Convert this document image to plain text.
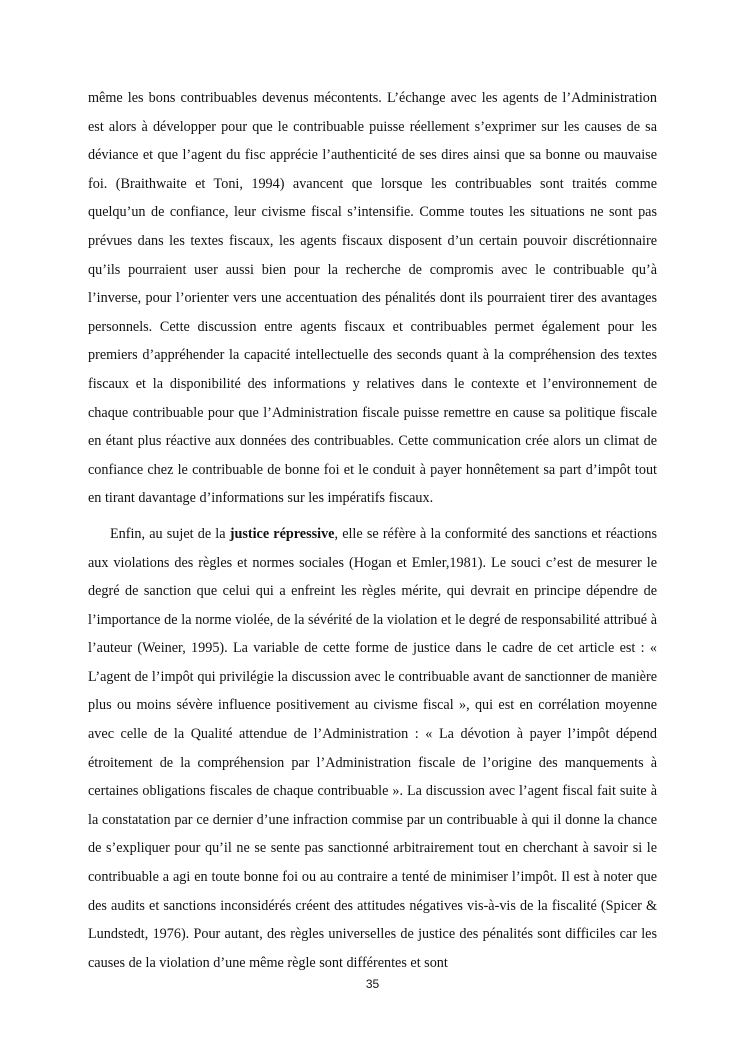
même les bons contribuables devenus mécontents. L’échange avec les agents de l’Administration est alors à développer pour que le contribuable puisse réellement s’exprimer sur les causes de sa déviance et que l’agent du fisc apprécie l’authenticité de ses dires ainsi que sa bonne ou mauvaise foi. (Braithwaite et Toni, 1994) avancent que lorsque les contribuables sont traités comme quelqu’un de confiance, leur civisme fiscal s’intensifie. Comme toutes les situations ne sont pas prévues dans les textes fiscaux, les agents fiscaux disposent d’un certain pouvoir discrétionnaire qu’ils pourraient user aussi bien pour la recherche de compromis avec le contribuable qu’à l’inverse, pour l’orienter vers une accentuation des pénalités dont ils pourraient tirer des avantages personnels. Cette discussion entre agents fiscaux et contribuables permet également pour les premiers d’appréhender la capacité intellectuelle des seconds quant à la compréhension des textes fiscaux et la disponibilité des informations y relatives dans le contexte et l’environnement de chaque contribuable pour que l’Administration fiscale puisse remettre en cause sa politique fiscale en étant plus réactive aux données des contribuables. Cette communication crée alors un climat de confiance chez le contribuable de bonne foi et le conduit à payer honnêtement sa part d’impôt tout en tirant davantage d’informations sur les impératifs fiscaux.

Enfin, au sujet de la justice répressive, elle se réfère à la conformité des sanctions et réactions aux violations des règles et normes sociales (Hogan et Emler,1981). Le souci c’est de mesurer le degré de sanction que celui qui a enfreint les règles mérite, qui devrait en principe dépendre de l’importance de la norme violée, de la sévérité de la violation et le degré de responsabilité attribué à l’auteur (Weiner, 1995). La variable de cette forme de justice dans le cadre de cet article est : « L’agent de l’impôt qui privilégie la discussion avec le contribuable avant de sanctionner de manière plus ou moins sévère influence positivement au civisme fiscal », qui est en corrélation moyenne avec celle de la Qualité attendue de l’Administration : « La dévotion à payer l’impôt dépend étroitement de la compréhension par l’Administration fiscale de l’origine des manquements à certaines obligations fiscales de chaque contribuable ». La discussion avec l’agent fiscal fait suite à la constatation par ce dernier d’une infraction commise par un contribuable à qui il donne la chance de s’expliquer pour qu’il ne se sente pas sanctionné arbitrairement tout en cherchant à savoir si le contribuable a agi en toute bonne foi ou au contraire a tenté de minimiser l’impôt. Il est à noter que des audits et sanctions inconsidérés créent des attitudes négatives vis-à-vis de la fiscalité (Spicer & Lundstedt, 1976). Pour autant, des règles universelles de justice des pénalités sont difficiles car les causes de la violation d’une même règle sont différentes et sont

35
